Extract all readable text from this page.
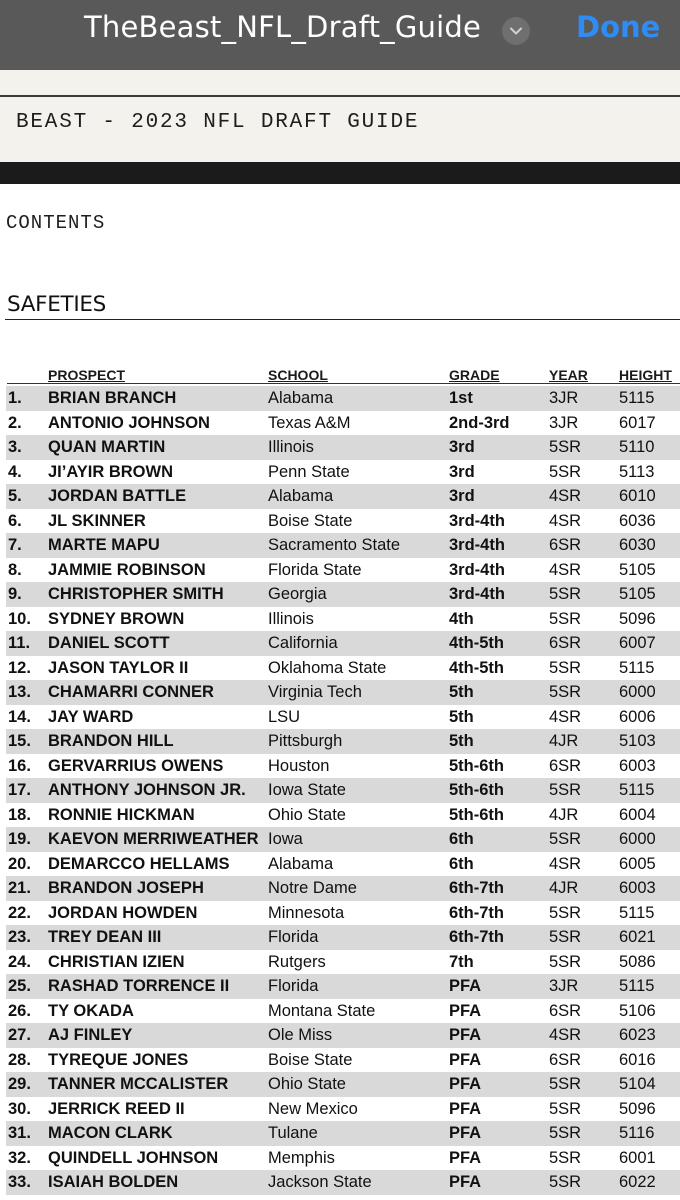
TheBeast_NFL_Draft_Guide	Done
BEAST - 2023 NFL DRAFT GUIDE
CONTENTS
SAFETIES
PROSPECT	SCHOOL	GRADE	YEAR HEIGHT
1. BRIAN BRANCH	Alabama	1st	3JR 5115
2. ANTONIO JOHNSON	Texas A&M	2nd-3rd 3JR 6017
3. QUAN MARTIN	Illinois	3rd	5SR 5110
4. JI’AYIR BROWN	Penn State	3rd	5SR 5113
5. JORDAN BATTLE	Alabama	3rd	4SR 6010
6. JL SKINNER	Boise State	3rd-4th	4SR 6036
7. MARTE MAPU	Sacramento State	3rd-4th	6SR 6030
8. JAMMIE ROBINSON	Florida State	3rd-4th	4SR 5105
9. CHRISTOPHER SMITH	Georgia	3rd-4th	5SR 5105
10. SYDNEY BROWN	Illinois	4th	5SR 5096
11. DANIEL SCOTT	California	4th-5th	6SR 6007
12. JASON TAYLOR II	Oklahoma State	4th-5th	5SR 5115
13. CHAMARRI CONNER	Virginia Tech	5th	5SR 6000
14. JAY WARD	LSU	5th	4SR 6006
15. BRANDON HILL	Pittsburgh	5th	4JR 5103
16. GERVARRIUS OWENS	Houston	5th-6th	6SR 6003
17. ANTHONY JOHNSON JR. Iowa State	5th-6th	5SR 5115
18. RONNIE HICKMAN	Ohio State	5th-6th	4JR 6004
19. KAEVON MERRIWEATHER Iowa	6th	5SR 6000
20. DEMARCCO HELLAMS Alabama	6th	4SR 6005
21. BRANDON JOSEPH	Notre Dame	6th-7th	4JR 6003
22. JORDAN HOWDEN	Minnesota	6th-7th	5SR 5115
23. TREY DEAN III	Florida	6th-7th	5SR 6021
24. CHRISTIAN IZIEN	Rutgers	7th	5SR 5086
25. RASHAD TORRENCE II Florida	PFA	3JR 5115
26. TY OKADA	Montana State	PFA	6SR 5106
27. AJ FINLEY	Ole Miss	PFA	4SR 6023
28. TYREQUE JONES	Boise State	PFA	6SR 6016
29. TANNER MCCALISTER Ohio State	PFA	5SR 5104
30. JERRICK REED II	New Mexico	PFA	5SR 5096
31. MACON CLARK	Tulane	PFA	5SR 5116
32. QUINDELL JOHNSON	Memphis	PFA	5SR 6001
33. ISAIAH BOLDEN	Jackson State	PFA	5SR 6022
